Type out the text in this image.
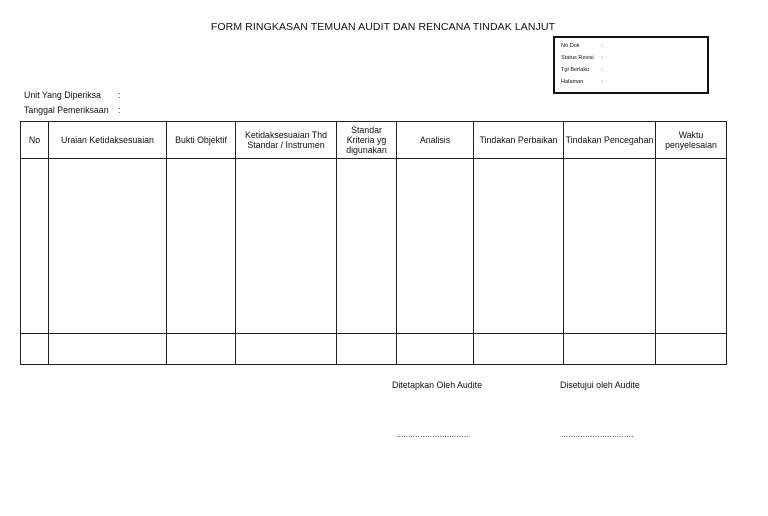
FORM RINGKASAN TEMUAN AUDIT DAN RENCANA TINDAK LANJUT
No Dok	:
Status Revisi :
Tgl Berlaku :
Halaman	:
Unit Yang Diperiksa :
Tanggal Pemeriksaan :
No	Uraian Ketidaksesuaian	Bukti Objektif	Ketidaksesuaian Thd Standar / Instrumen	Standar Kriteria yg digunakan	Analisis	Tindakan Perbaikan	Tindakan Pencegahan	Waktu penyelesaian

Ditetapkan Oleh Audite	Disetujui oleh Audite
..............................	..............................
